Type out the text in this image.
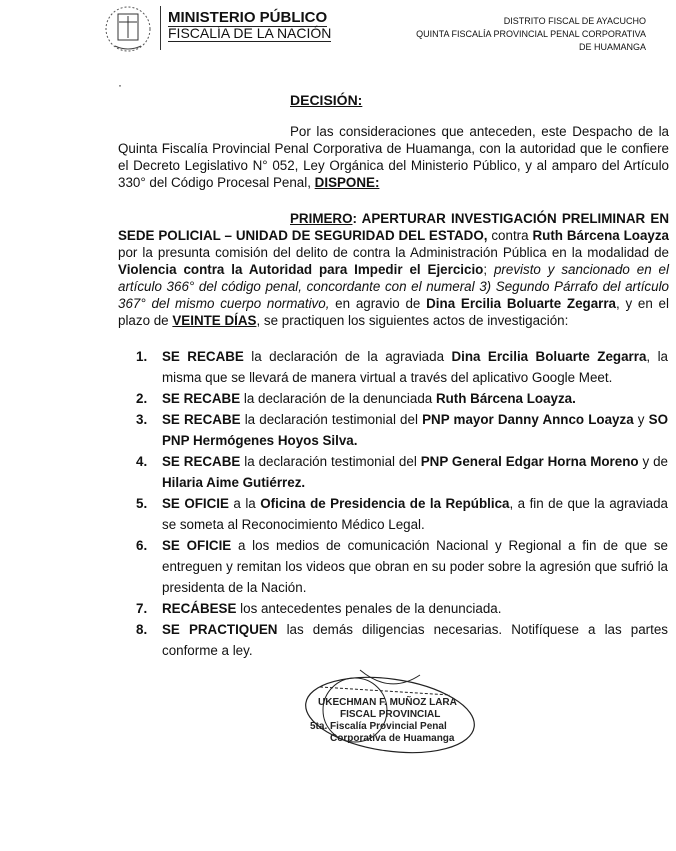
MINISTERIO PÚBLICO
FISCALÍA DE LA NACIÓN
DISTRITO FISCAL DE AYACUCHO
QUINTA FISCALÍA PROVINCIAL PENAL CORPORATIVA
DE HUAMANGA
·
DECISIÓN:

Por las consideraciones que anteceden, este Despacho de la Quinta Fiscalía Provincial Penal Corporativa de Huamanga, con la autoridad que le confiere el Decreto Legislativo N° 052, Ley Orgánica del Ministerio Público, y al amparo del Artículo 330° del Código Procesal Penal, DISPONE:

PRIMERO: APERTURAR INVESTIGACIÓN PRELIMINAR EN SEDE POLICIAL – UNIDAD DE SEGURIDAD DEL ESTADO, contra Ruth Bárcena Loayza por la presunta comisión del delito de contra la Administración Pública en la modalidad de Violencia contra la Autoridad para Impedir el Ejercicio; previsto y sancionado en el artículo 366° del código penal, concordante con el numeral 3) Segundo Párrafo del artículo 367° del mismo cuerpo normativo, en agravio de Dina Ercilia Boluarte Zegarra, y en el plazo de VEINTE DÍAS, se practiquen los siguientes actos de investigación:

1. SE RECABE la declaración de la agraviada Dina Ercilia Boluarte Zegarra, la misma que se llevará de manera virtual a través del aplicativo Google Meet.
2. SE RECABE la declaración de la denunciada Ruth Bárcena Loayza.
3. SE RECABE la declaración testimonial del PNP mayor Danny Annco Loayza y SO PNP Hermógenes Hoyos Silva.
4. SE RECABE la declaración testimonial del PNP General Edgar Horna Moreno y de Hilaria Aime Gutiérrez.
5. SE OFICIE a la Oficina de Presidencia de la República, a fin de que la agraviada se someta al Reconocimiento Médico Legal.
6. SE OFICIE a los medios de comunicación Nacional y Regional a fin de que se entreguen y remitan los videos que obran en su poder sobre la agresión que sufrió la presidenta de la Nación.
7. RECÁBESE los antecedentes penales de la denunciada.
8. SE PRACTIQUEN las demás diligencias necesarias. Notifíquese a las partes conforme a ley.
UKECHMAN F. MUÑOZ LARA
FISCAL PROVINCIAL
5ta. Fiscalía Provincial Penal
Corporativa de Huamanga
